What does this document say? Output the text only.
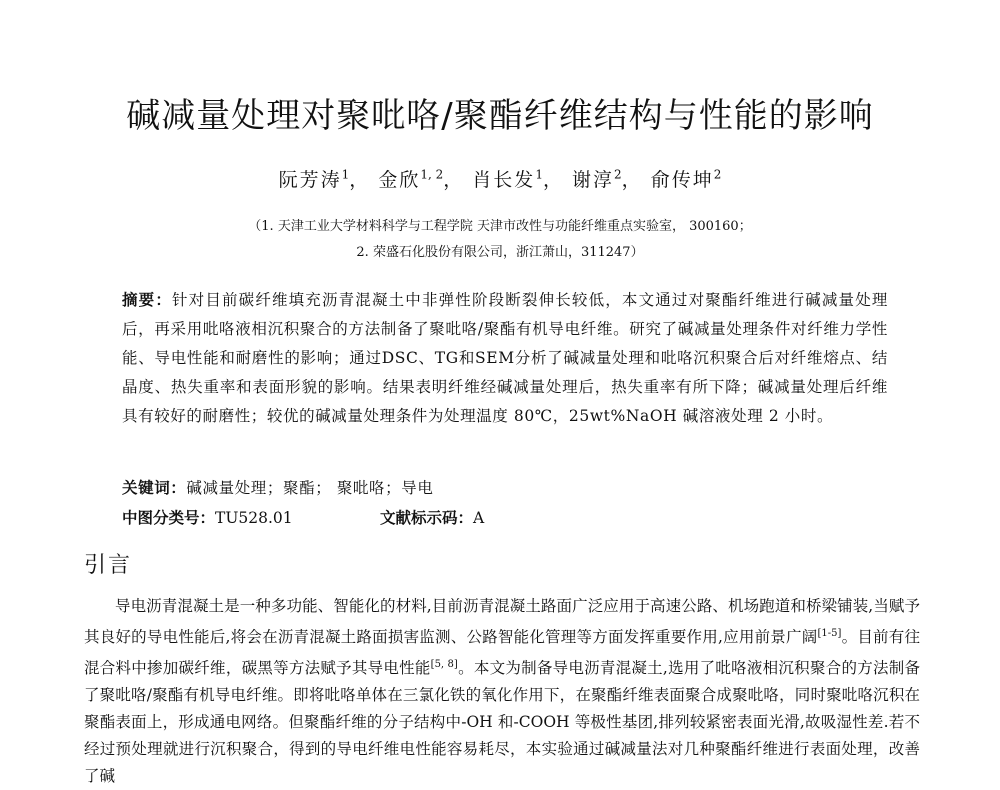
碱减量处理对聚吡咯/聚酯纤维结构与性能的影响
阮芳涛$^1$， 金欣$^{1, 2}$， 肖长发$^1$， 谢淳$^2$， 俞传坤$^2$
（1. 天津工业大学材料科学与工程学院 天津市改性与功能纤维重点实验室， 300160；
2. 荣盛石化股份有限公司，浙江萧山，311247）
摘要：针对目前碳纤维填充沥青混凝土中非弹性阶段断裂伸长较低，本文通过对聚酯纤维进行碱减量处理后，再采用吡咯液相沉积聚合的方法制备了聚吡咯/聚酯有机导电纤维。研究了碱减量处理条件对纤维力学性能、导电性能和耐磨性的影响；通过DSC、TG和SEM分析了碱减量处理和吡咯沉积聚合后对纤维熔点、结晶度、热失重率和表面形貌的影响。结果表明纤维经碱减量处理后，热失重率有所下降；碱减量处理后纤维具有较好的耐磨性；较优的碱减量处理条件为处理温度 80℃，25wt%NaOH 碱溶液处理 2 小时。
关键词：碱减量处理；聚酯； 聚吡咯；导电
中图分类号：TU528.01	文献标示码：A
引言

导电沥青混凝土是一种多功能、智能化的材料,目前沥青混凝土路面广泛应用于高速公路、机场跑道和桥梁铺装,当赋予其良好的导电性能后,将会在沥青混凝土路面损害监测、公路智能化管理等方面发挥重要作用,应用前景广阔[1-5]。目前有往混合料中掺加碳纤维，碳黑等方法赋予其导电性能[5, 8]。本文为制备导电沥青混凝土,选用了吡咯液相沉积聚合的方法制备了聚吡咯/聚酯有机导电纤维。即将吡咯单体在三氯化铁的氧化作用下，在聚酯纤维表面聚合成聚吡咯，同时聚吡咯沉积在聚酯表面上，形成通电网络。但聚酯纤维的分子结构中-OH 和-COOH 等极性基团,排列较紧密表面光滑,故吸湿性差.若不经过预处理就进行沉积聚合，得到的导电纤维电性能容易耗尽，本实验通过碱减量法对几种聚酯纤维进行表面处理，改善了碱
